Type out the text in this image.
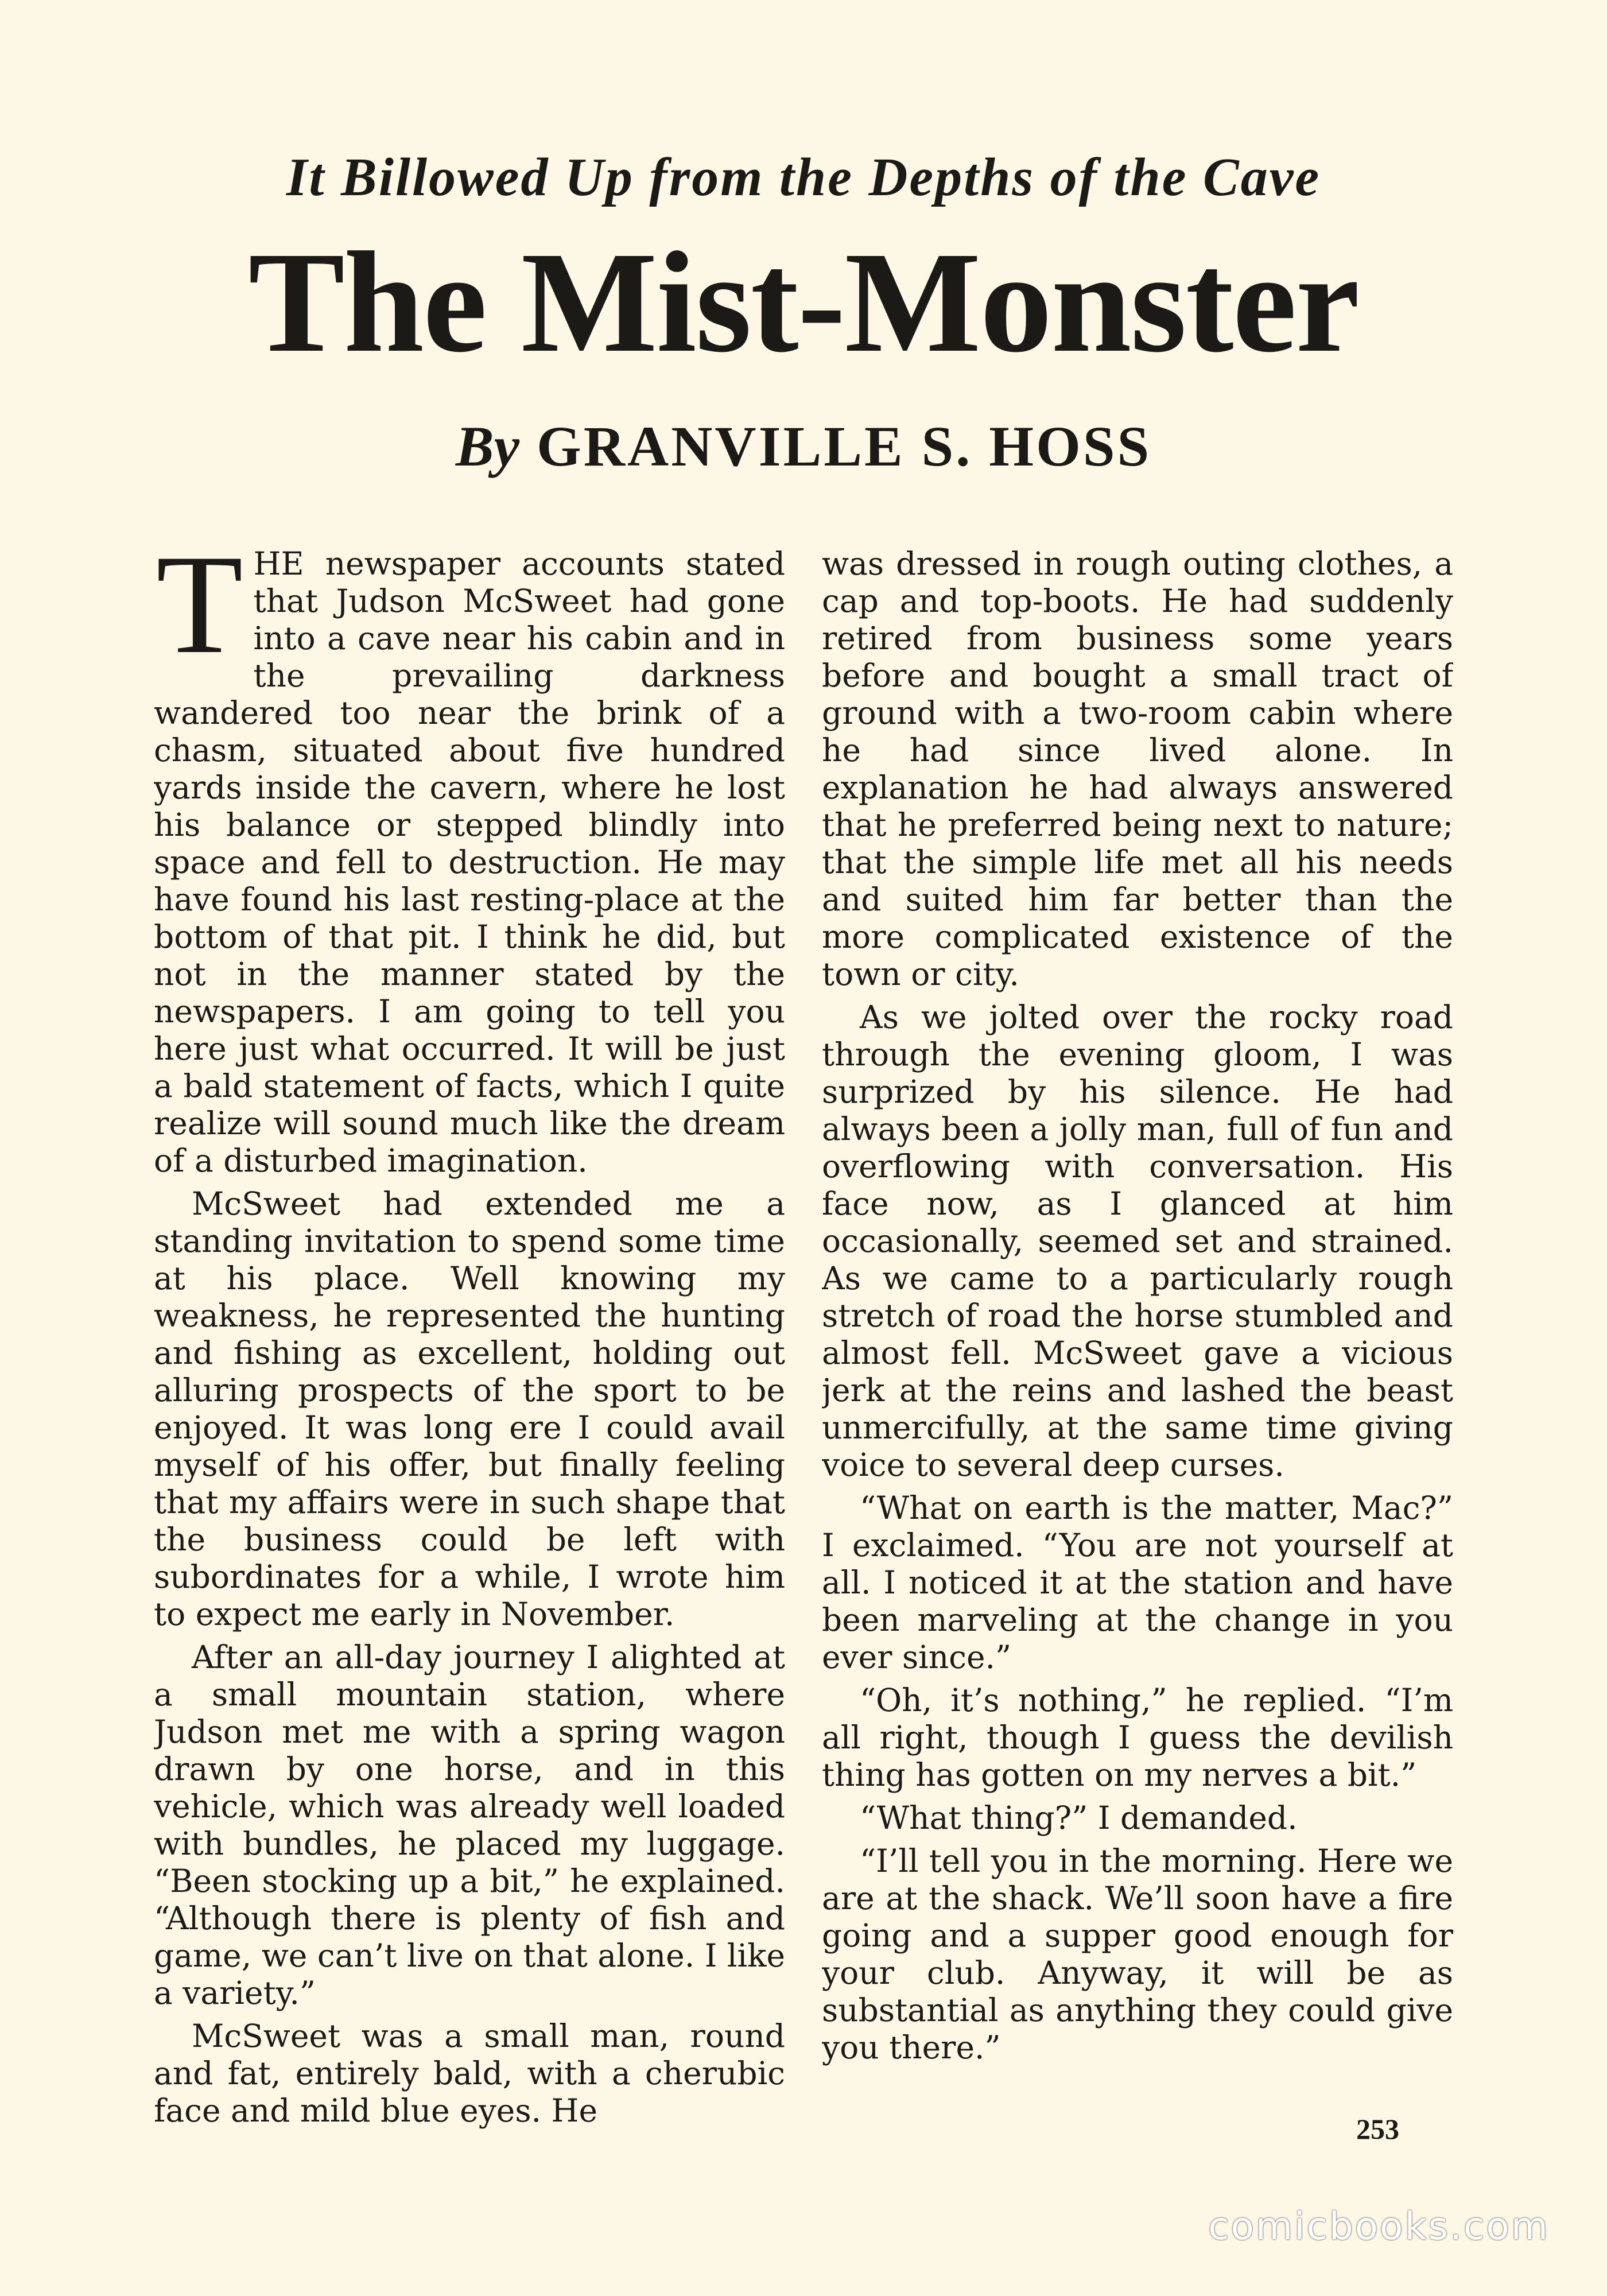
It Billowed Up from the Depths of the Cave
The Mist-Monster
By GRANVILLE S. HOSS

THE newspaper accounts stated that Judson McSweet had gone into a cave near his cabin and in the prevailing darkness wandered too near the brink of a chasm, situated about five hundred yards inside the cavern, where he lost his balance or stepped blindly into space and fell to destruction. He may have found his last resting-place at the bottom of that pit. I think he did, but not in the manner stated by the newspapers. I am going to tell you here just what occurred. It will be just a bald statement of facts, which I quite realize will sound much like the dream of a disturbed imagination.

McSweet had extended me a standing invitation to spend some time at his place. Well knowing my weakness, he represented the hunting and fishing as excellent, holding out alluring prospects of the sport to be enjoyed. It was long ere I could avail myself of his offer, but finally feeling that my affairs were in such shape that the business could be left with subordinates for a while, I wrote him to expect me early in November.

After an all-day journey I alighted at a small mountain station, where Judson met me with a spring wagon drawn by one horse, and in this vehicle, which was already well loaded with bundles, he placed my luggage. “Been stocking up a bit,” he explained. “Although there is plenty of fish and game, we can’t live on that alone. I like a variety.”

McSweet was a small man, round and fat, entirely bald, with a cherubic face and mild blue eyes. He

was dressed in rough outing clothes, a cap and top-boots. He had suddenly retired from business some years before and bought a small tract of ground with a two-room cabin where he had since lived alone. In explanation he had always answered that he preferred being next to nature; that the simple life met all his needs and suited him far better than the more complicated existence of the town or city.

As we jolted over the rocky road through the evening gloom, I was surprized by his silence. He had always been a jolly man, full of fun and overflowing with conversation. His face now, as I glanced at him occasionally, seemed set and strained. As we came to a particularly rough stretch of road the horse stumbled and almost fell. McSweet gave a vicious jerk at the reins and lashed the beast unmercifully, at the same time giving voice to several deep curses.

“What on earth is the matter, Mac?” I exclaimed. “You are not yourself at all. I noticed it at the station and have been marveling at the change in you ever since.”

“Oh, it’s nothing,” he replied. “I’m all right, though I guess the devilish thing has gotten on my nerves a bit.”

“What thing?” I demanded.

“I’ll tell you in the morning. Here we are at the shack. We’ll soon have a fire going and a supper good enough for your club. Anyway, it will be as substantial as anything they could give you there.”

253

comicbooks.com
